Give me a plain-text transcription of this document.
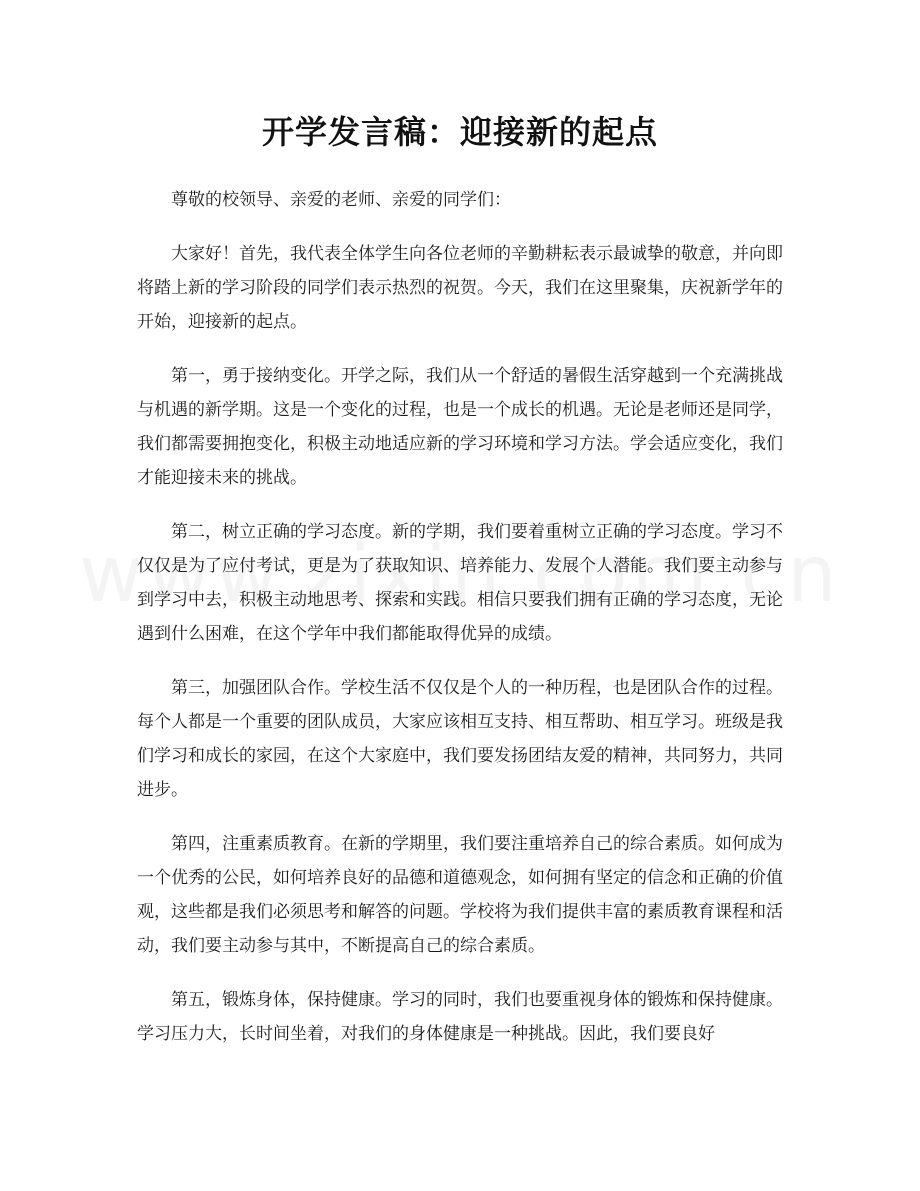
开学发言稿：迎接新的起点

尊敬的校领导、亲爱的老师、亲爱的同学们：

大家好！首先，我代表全体学生向各位老师的辛勤耕耘表示最诚挚的敬意，并向即将踏上新的学习阶段的同学们表示热烈的祝贺。今天，我们在这里聚集，庆祝新学年的开始，迎接新的起点。

第一，勇于接纳变化。开学之际，我们从一个舒适的暑假生活穿越到一个充满挑战与机遇的新学期。这是一个变化的过程，也是一个成长的机遇。无论是老师还是同学，我们都需要拥抱变化，积极主动地适应新的学习环境和学习方法。学会适应变化，我们才能迎接未来的挑战。

第二，树立正确的学习态度。新的学期，我们要着重树立正确的学习态度。学习不仅仅是为了应付考试，更是为了获取知识、培养能力、发展个人潜能。我们要主动参与到学习中去，积极主动地思考、探索和实践。相信只要我们拥有正确的学习态度，无论遇到什么困难，在这个学年中我们都能取得优异的成绩。

第三，加强团队合作。学校生活不仅仅是个人的一种历程，也是团队合作的过程。每个人都是一个重要的团队成员，大家应该相互支持、相互帮助、相互学习。班级是我们学习和成长的家园，在这个大家庭中，我们要发扬团结友爱的精神，共同努力，共同进步。

第四，注重素质教育。在新的学期里，我们要注重培养自己的综合素质。如何成为一个优秀的公民，如何培养良好的品德和道德观念，如何拥有坚定的信念和正确的价值观，这些都是我们必须思考和解答的问题。学校将为我们提供丰富的素质教育课程和活动，我们要主动参与其中，不断提高自己的综合素质。

第五，锻炼身体，保持健康。学习的同时，我们也要重视身体的锻炼和保持健康。学习压力大，长时间坐着，对我们的身体健康是一种挑战。因此，我们要良好
